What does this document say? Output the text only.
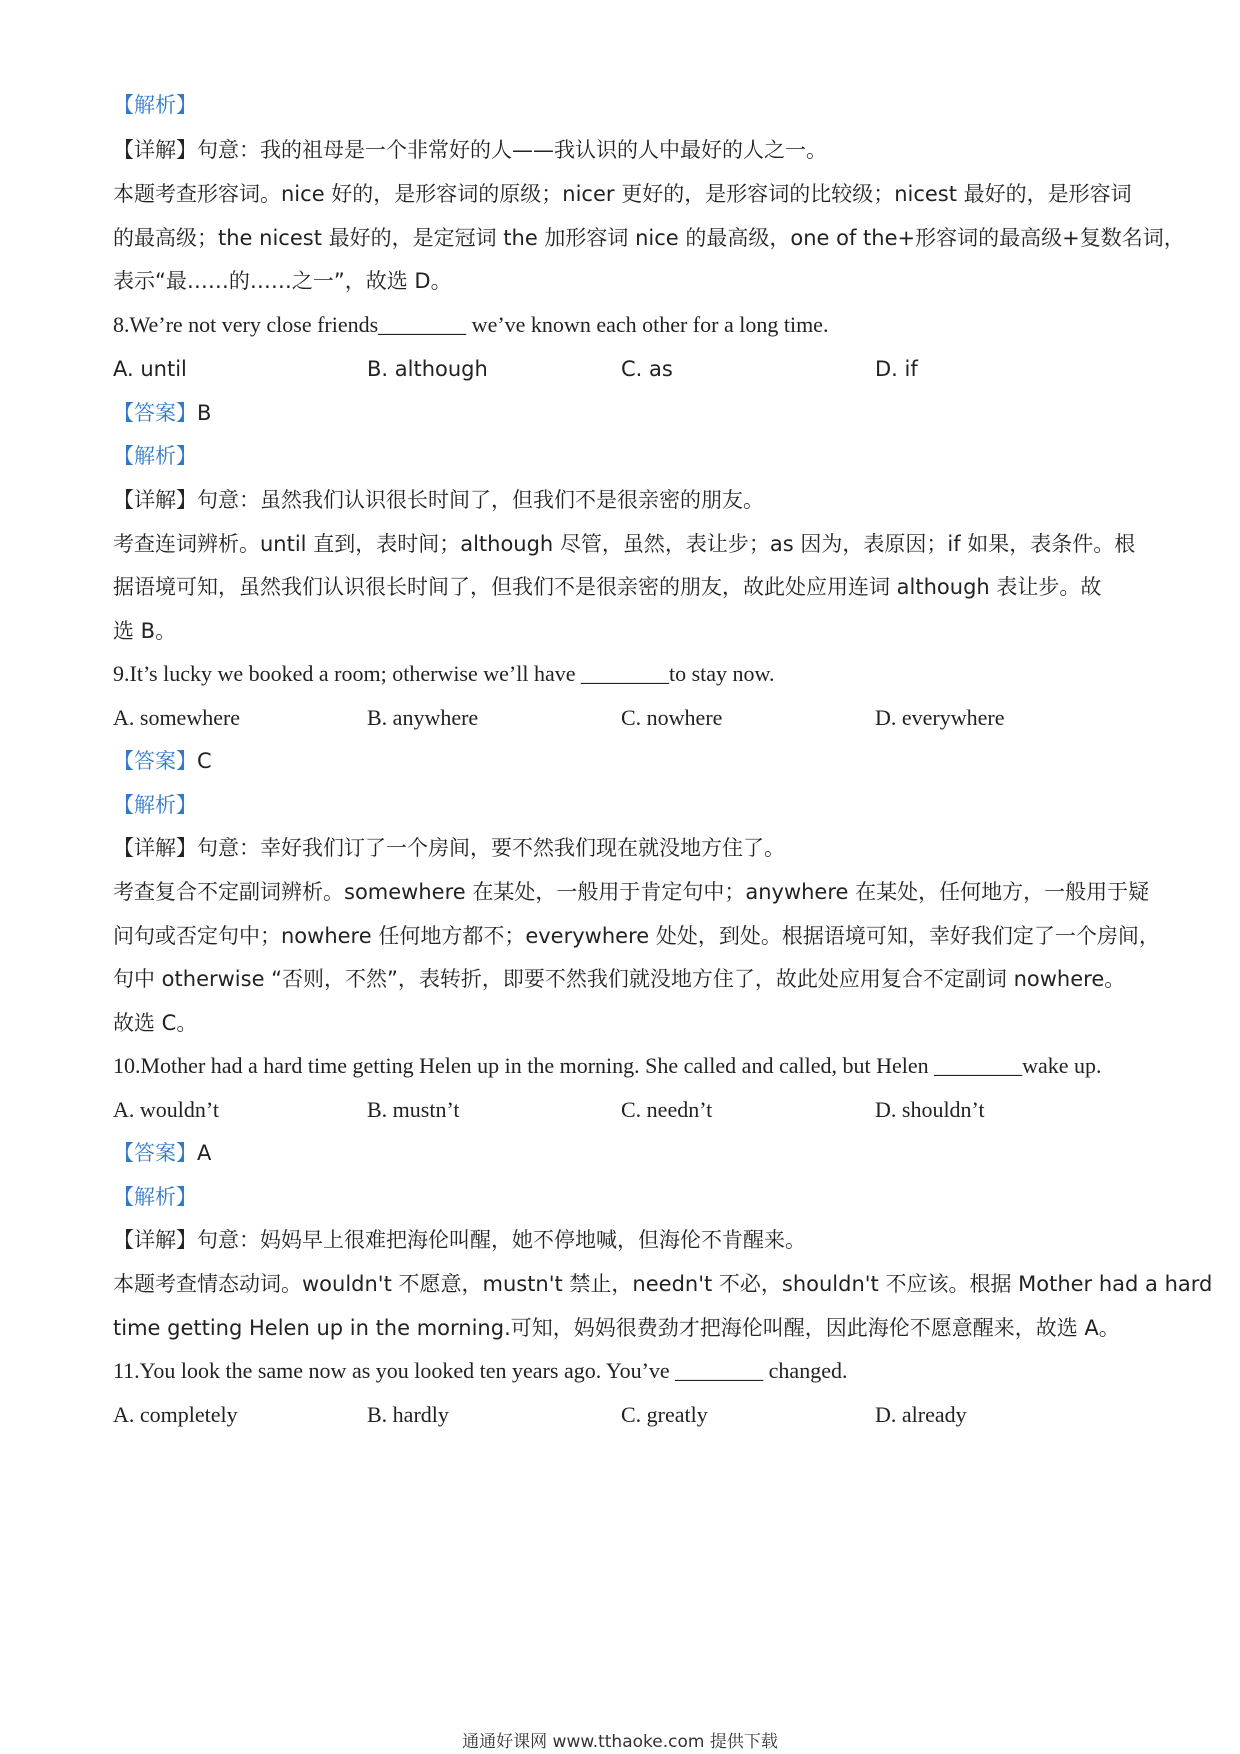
【解析】
【详解】句意：我的祖母是一个非常好的人——我认识的人中最好的人之一。
本题考查形容词。nice 好的，是形容词的原级；nicer 更好的，是形容词的比较级；nicest 最好的，是形容词
的最高级；the nicest 最好的，是定冠词 the 加形容词 nice 的最高级，one of the+形容词的最高级+复数名词，
表示“最……的……之一”，故选 D。
8.We’re not very close friends________ we’ve known each other for a long time.
A. until	B. although	C. as	D. if
【答案】B
【解析】
【详解】句意：虽然我们认识很长时间了，但我们不是很亲密的朋友。
考查连词辨析。until 直到，表时间；although 尽管，虽然，表让步；as 因为，表原因；if 如果，表条件。根
据语境可知，虽然我们认识很长时间了，但我们不是很亲密的朋友，故此处应用连词 although 表让步。故
选 B。
9.It’s lucky we booked a room; otherwise we’ll have ________to stay now.
A. somewhere	B. anywhere	C. nowhere	D. everywhere
【答案】C
【解析】
【详解】句意：幸好我们订了一个房间，要不然我们现在就没地方住了。
考查复合不定副词辨析。somewhere 在某处，一般用于肯定句中；anywhere 在某处，任何地方，一般用于疑
问句或否定句中；nowhere 任何地方都不；everywhere 处处，到处。根据语境可知，幸好我们定了一个房间，
句中 otherwise “否则，不然”，表转折，即要不然我们就没地方住了，故此处应用复合不定副词 nowhere。
故选 C。
10.Mother had a hard time getting Helen up in the morning. She called and called, but Helen ________wake up.
A. wouldn’t	B. mustn’t	C. needn’t	D. shouldn’t
【答案】A
【解析】
【详解】句意：妈妈早上很难把海伦叫醒，她不停地喊，但海伦不肯醒来。
本题考查情态动词。wouldn't 不愿意，mustn't 禁止，needn't 不必，shouldn't 不应该。根据 Mother had a hard
time getting Helen up in the morning.可知，妈妈很费劲才把海伦叫醒，因此海伦不愿意醒来，故选 A。
11.You look the same now as you looked ten years ago. You’ve ________ changed.
A. completely	B. hardly	C. greatly	D. already
通通好课网 www.tthaoke.com 提供下载
